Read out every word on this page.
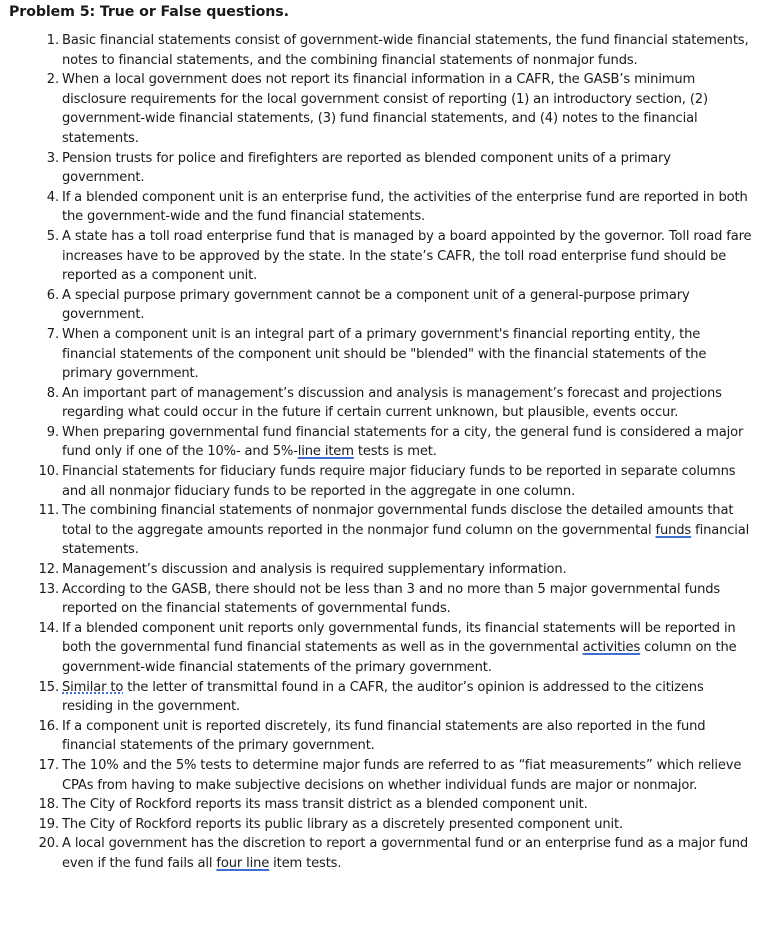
Problem 5: True or False questions.
1. Basic financial statements consist of government-wide financial statements, the fund financial statements, notes to financial statements, and the combining financial statements of nonmajor funds.
2. When a local government does not report its financial information in a CAFR, the GASB’s minimum disclosure requirements for the local government consist of reporting (1) an introductory section, (2) government-wide financial statements, (3) fund financial statements, and (4) notes to the financial statements.
3. Pension trusts for police and firefighters are reported as blended component units of a primary government.
4. If a blended component unit is an enterprise fund, the activities of the enterprise fund are reported in both the government-wide and the fund financial statements.
5. A state has a toll road enterprise fund that is managed by a board appointed by the governor. Toll road fare increases have to be approved by the state. In the state’s CAFR, the toll road enterprise fund should be reported as a component unit.
6. A special purpose primary government cannot be a component unit of a general-purpose primary government.
7. When a component unit is an integral part of a primary government's financial reporting entity, the financial statements of the component unit should be "blended" with the financial statements of the primary government.
8. An important part of management’s discussion and analysis is management’s forecast and projections regarding what could occur in the future if certain current unknown, but plausible, events occur.
9. When preparing governmental fund financial statements for a city, the general fund is considered a major fund only if one of the 10%- and 5%-line item tests is met.
10. Financial statements for fiduciary funds require major fiduciary funds to be reported in separate columns and all nonmajor fiduciary funds to be reported in the aggregate in one column.
11. The combining financial statements of nonmajor governmental funds disclose the detailed amounts that total to the aggregate amounts reported in the nonmajor fund column on the governmental funds financial statements.
12. Management’s discussion and analysis is required supplementary information.
13. According to the GASB, there should not be less than 3 and no more than 5 major governmental funds reported on the financial statements of governmental funds.
14. If a blended component unit reports only governmental funds, its financial statements will be reported in both the governmental fund financial statements as well as in the governmental activities column on the government-wide financial statements of the primary government.
15. Similar to the letter of transmittal found in a CAFR, the auditor’s opinion is addressed to the citizens residing in the government.
16. If a component unit is reported discretely, its fund financial statements are also reported in the fund financial statements of the primary government.
17. The 10% and the 5% tests to determine major funds are referred to as “fiat measurements” which relieve CPAs from having to make subjective decisions on whether individual funds are major or nonmajor.
18. The City of Rockford reports its mass transit district as a blended component unit.
19. The City of Rockford reports its public library as a discretely presented component unit.
20. A local government has the discretion to report a governmental fund or an enterprise fund as a major fund even if the fund fails all four line item tests.
